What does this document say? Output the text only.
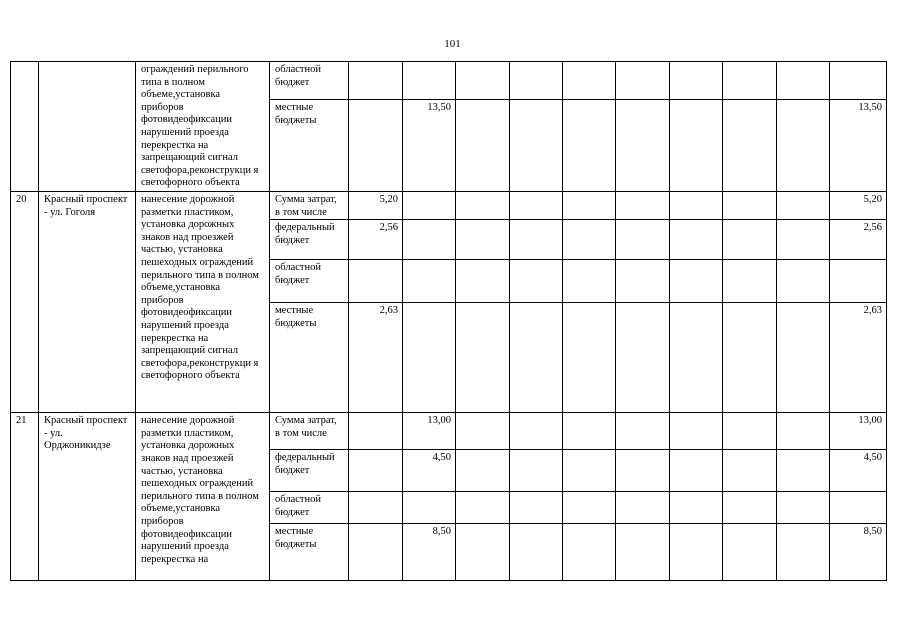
101
		ограждений перильного типа в полном объеме,установка приборов фотовидеофиксации нарушений проезда перекрестка на запрещающий сигнал светофора,реконструкци я светофорного объекта	областной бюджет										
			местные бюджеты		13,50								13,50
20	Красный проспект - ул. Гоголя	нанесение дорожной разметки пластиком, установка дорожных знаков над проезжей частью, установка пешеходных ограждений перильного типа в полном объеме,установка приборов фотовидеофиксации нарушений проезда перекрестка на запрещающий сигнал светофора,реконструкци я светофорного объекта	Сумма затрат, в том числе	5,20									5,20
			федеральный бюджет	2,56									2,56
			областной бюджет										
			местные бюджеты	2,63									2,63
21	Красный проспект - ул. Орджоникидзе	нанесение дорожной разметки пластиком, установка дорожных знаков над проезжей частью, установка пешеходных ограждений перильного типа в полном объеме,установка приборов фотовидеофиксации нарушений проезда перекрестка на	Сумма затрат, в том числе		13,00								13,00
			федеральный бюджет		4,50								4,50
			областной бюджет										
			местные бюджеты		8,50								8,50
